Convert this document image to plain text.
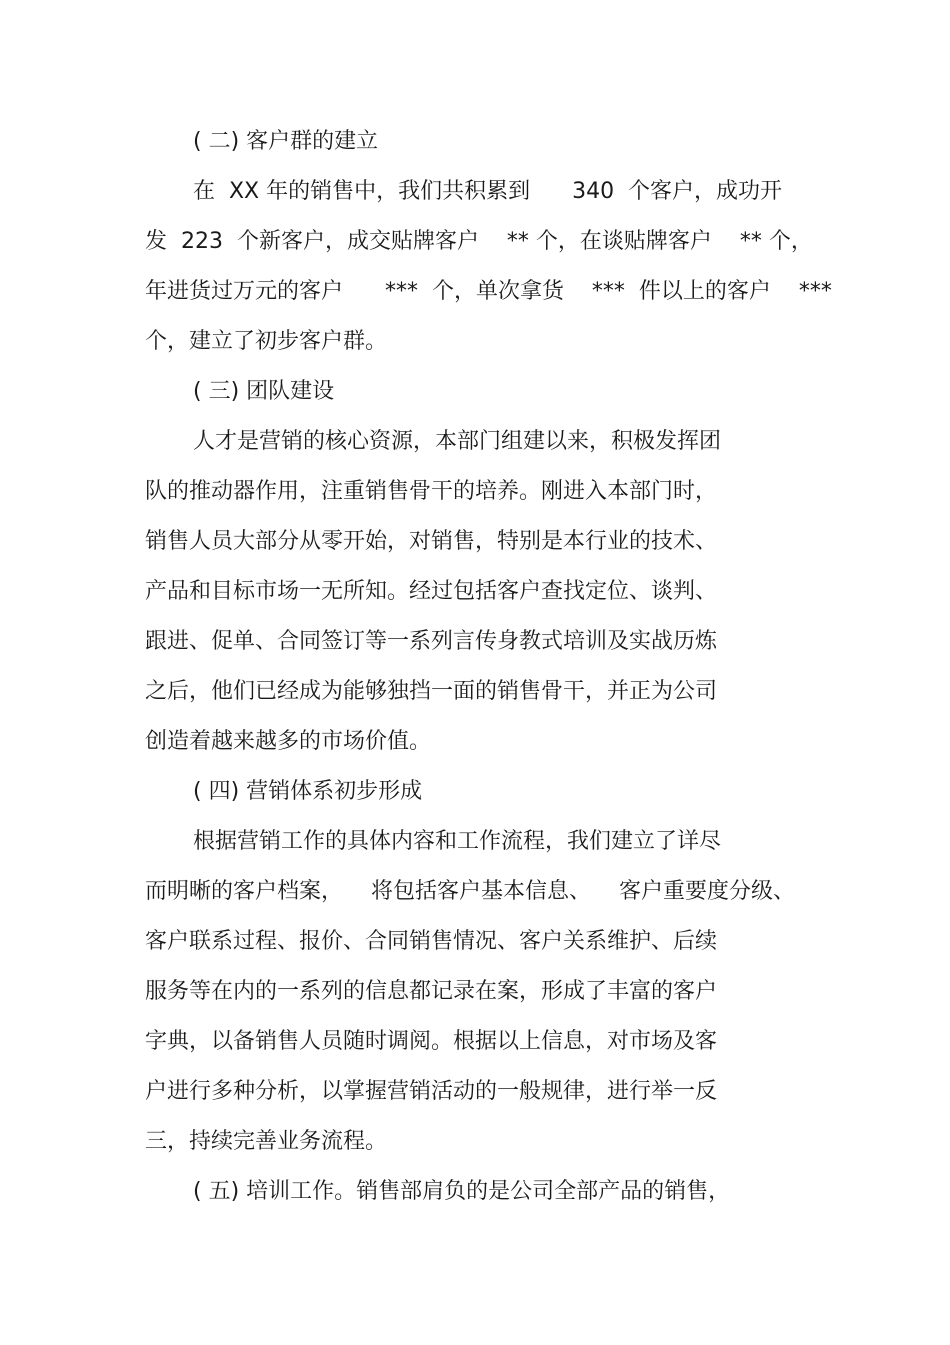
( 二) 客户群的建立
在  XX 年的销售中，我们共积累到      340  个客户，成功开
发  223  个新客户，成交贴牌客户    ** 个，在谈贴牌客户    ** 个，
年进货过万元的客户      ***  个，单次拿货    ***  件以上的客户    ***
个，建立了初步客户群。
( 三) 团队建设
人才是营销的核心资源，本部门组建以来，积极发挥团
队的推动器作用，注重销售骨干的培养。刚进入本部门时，
销售人员大部分从零开始，对销售，特别是本行业的技术、
产品和目标市场一无所知。经过包括客户查找定位、谈判、
跟进、促单、合同签订等一系列言传身教式培训及实战历炼
之后，他们已经成为能够独挡一面的销售骨干，并正为公司
创造着越来越多的市场价值。
( 四) 营销体系初步形成
根据营销工作的具体内容和工作流程，我们建立了详尽
而明晰的客户档案，    将包括客户基本信息、    客户重要度分级、
客户联系过程、报价、合同销售情况、客户关系维护、后续
服务等在内的一系列的信息都记录在案，形成了丰富的客户
字典，以备销售人员随时调阅。根据以上信息，对市场及客
户进行多种分析，以掌握营销活动的一般规律，进行举一反
三，持续完善业务流程。
( 五) 培训工作。销售部肩负的是公司全部产品的销售，
